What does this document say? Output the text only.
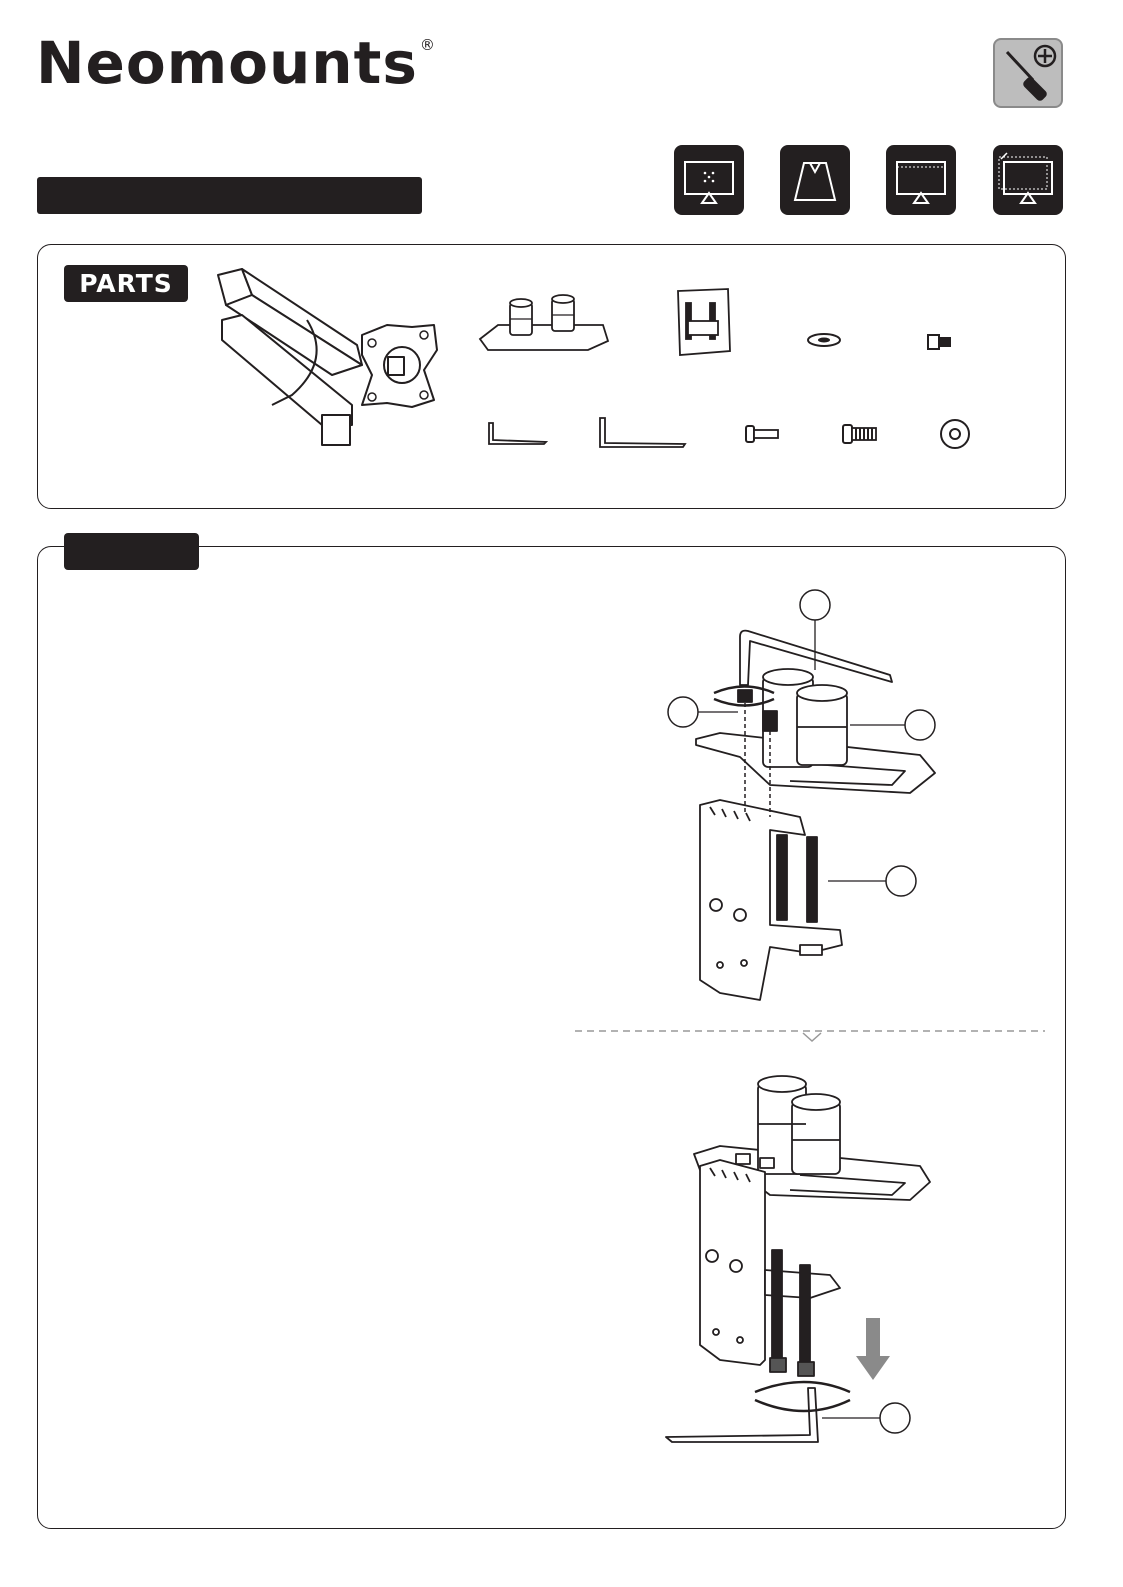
Neomounts ®
PARTS
